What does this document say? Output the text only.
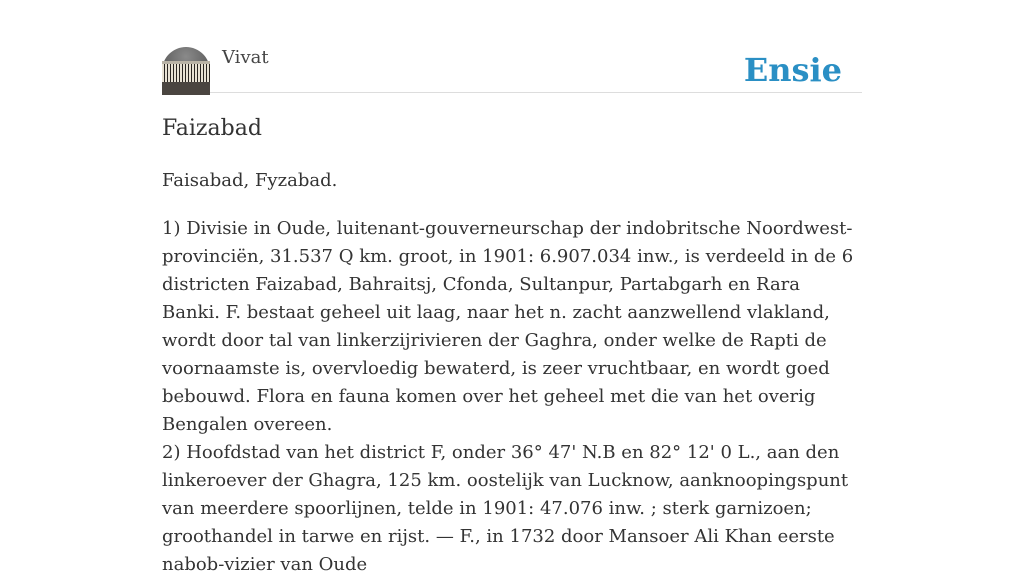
Vivat	Ensie
Faizabad
Faisabad, Fyzabad.

1) Divisie in Oude, luitenant-gouverneurschap der indobritsche Noordwest-provinciën, 31.537 Q km. groot, in 1901: 6.907.034 inw., is verdeeld in de 6 districten Faizabad, Bahraitsj, Cfonda, Sultanpur, Partabgarh en Rara Banki. F. bestaat geheel uit laag, naar het n. zacht aanzwellend vlakland, wordt door tal van linkerzijrivieren der Gaghra, onder welke de Rapti de voornaamste is, overvloedig bewaterd, is zeer vruchtbaar, en wordt goed bebouwd. Flora en fauna komen over het geheel met die van het overig Bengalen overeen.

2) Hoofdstad van het district F, onder 36° 47' N.B en 82° 12' 0 L., aan den linkeroever der Ghagra, 125 km. oostelijk van Lucknow, aanknoopingspunt van meerdere spoorlijnen, telde in 1901: 47.076 inw. ; sterk garnizoen; groothandel in tarwe en rijst. — F., in 1732 door Mansoer Ali Khan eerste nabob-vizier van Oude
